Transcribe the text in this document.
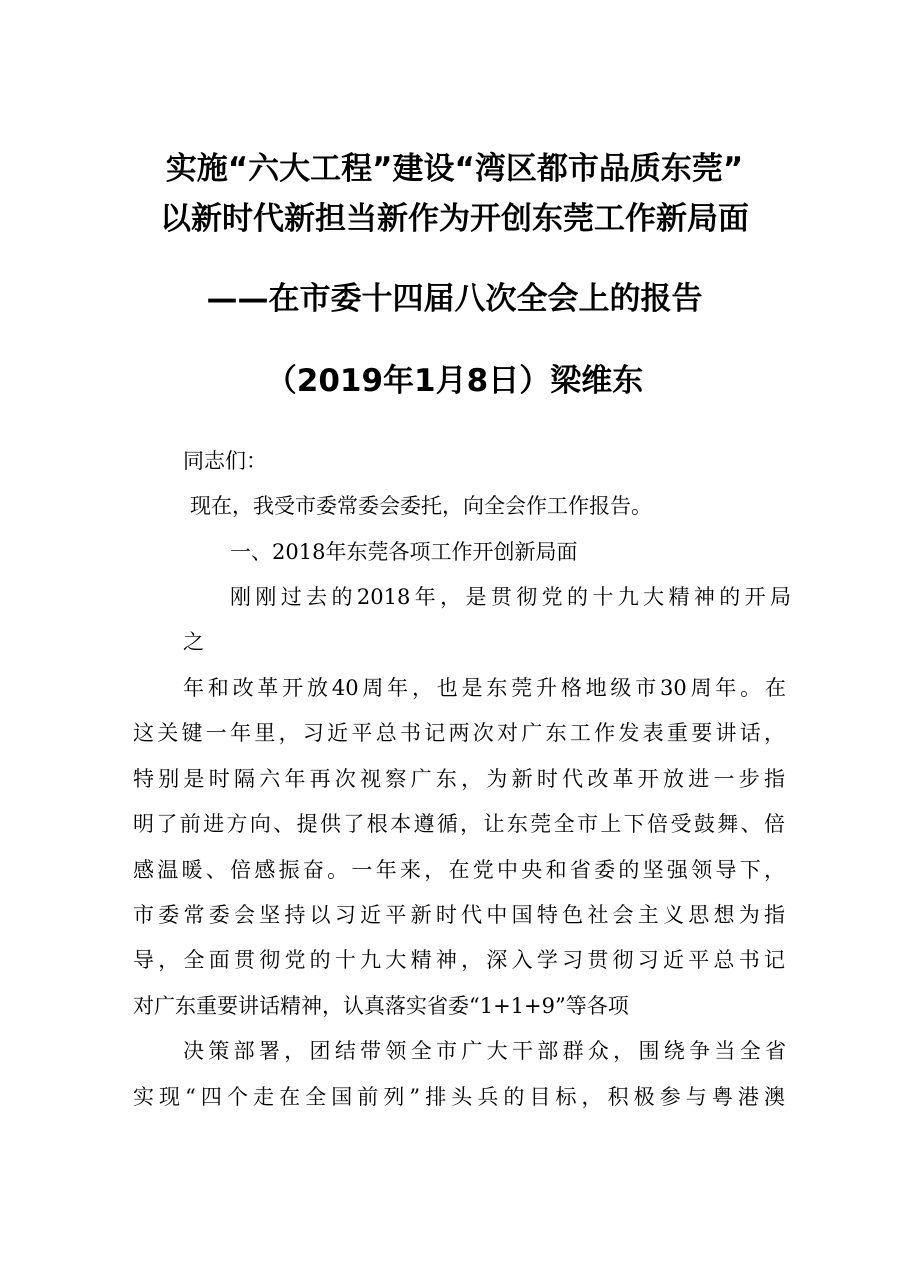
实施“六大工程”建设“湾区都市品质东莞”
以新时代新担当新作为开创东莞工作新局面
——在市委十四届八次全会上的报告
（2019年1月8日）梁维东
同志们：
现在，我受市委常委会委托，向全会作工作报告。
一、2018年东莞各项工作开创新局面
刚刚过去的2018年，是贯彻党的十九大精神的开局
之
年和改革开放40周年，也是东莞升格地级市30周年。在
这关键一年里，习近平总书记两次对广东工作发表重要讲话，
特别是时隔六年再次视察广东，为新时代改革开放进一步指
明了前进方向、提供了根本遵循，让东莞全市上下倍受鼓舞、倍
感温暖、倍感振奋。一年来，在党中央和省委的坚强领导下，
市委常委会坚持以习近平新时代中国特色社会主义思想为指
导，全面贯彻党的十九大精神，深入学习贯彻习近平总书记
对广东重要讲话精神，认真落实省委“1+1+9”等各项
决策部署，团结带领全市广大干部群众，围绕争当全省
实现“四个走在全国前列”排头兵的目标，积极参与粤港澳
